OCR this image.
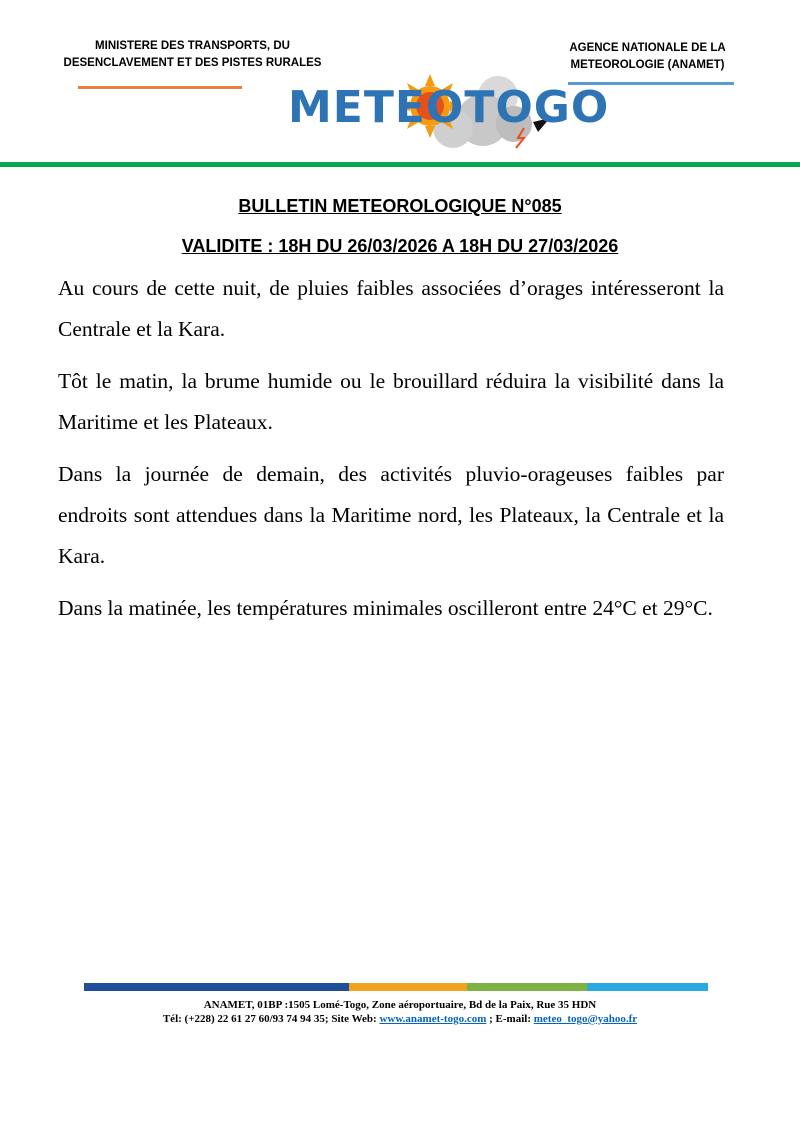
MINISTERE DES TRANSPORTS, DU
DESENCLAVEMENT ET DES PISTES RURALES
AGENCE NATIONALE DE LA
METEOROLOGIE (ANAMET)
METEOTOGO
BULLETIN METEOROLOGIQUE N°085
VALIDITE : 18H DU 26/03/2026 A 18H DU 27/03/2026

Au cours de cette nuit, de pluies faibles associées d’orages intéresseront la Centrale et la Kara.

Tôt le matin, la brume humide ou le brouillard réduira la visibilité dans la Maritime et les Plateaux.

Dans la journée de demain, des activités pluvio-orageuses faibles par endroits sont attendues dans la Maritime nord, les Plateaux, la Centrale et la Kara.

Dans la matinée, les températures minimales oscilleront entre 24°C et 29°C.

ANAMET, 01BP :1505 Lomé-Togo, Zone aéroportuaire, Bd de la Paix, Rue 35 HDN
Tél: (+228) 22 61 27 60/93 74 94 35; Site Web: www.anamet-togo.com ; E-mail: meteo_togo@yahoo.fr
